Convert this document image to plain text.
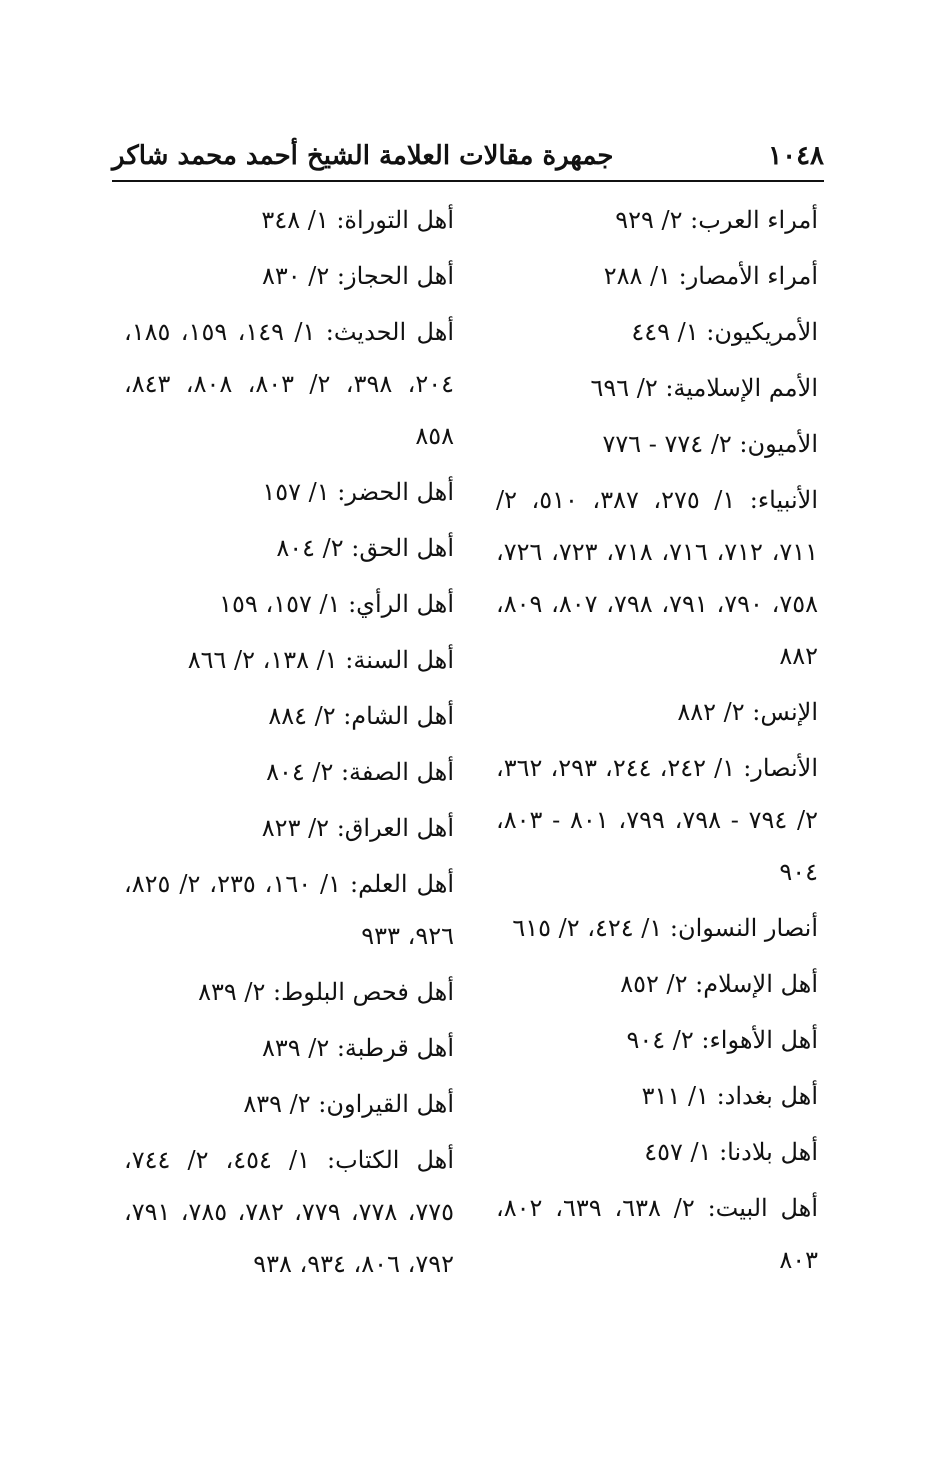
١٠٤٨
جمهرة مقالات العلامة الشيخ أحمد محمد شاكر

أمراء العرب: ٢/ ٩٢٩

أمراء الأمصار: ١/ ٢٨٨

الأمريكيون: ١/ ٤٤٩

الأمم الإسلامية: ٢/ ٦٩٦

الأميون: ٢/ ٧٧٤ - ٧٧٦

الأنبياء: ١/ ٢٧٥، ٣٨٧، ٥١٠، ٢/ ٧١١، ٧١٢، ٧١٦، ٧١٨، ٧٢٣، ٧٢٦، ٧٥٨، ٧٩٠، ٧٩١، ٧٩٨، ٨٠٧، ٨٠٩، ٨٨٢

الإنس: ٢/ ٨٨٢

الأنصار: ١/ ٢٤٢، ٢٤٤، ٢٩٣، ٣٦٢، ٢/ ٧٩٤ - ٧٩٨، ٧٩٩، ٨٠١ - ٨٠٣، ٩٠٤

أنصار النسوان: ١/ ٤٢٤، ٢/ ٦١٥

أهل الإسلام: ٢/ ٨٥٢

أهل الأهواء: ٢/ ٩٠٤

أهل بغداد: ١/ ٣١١

أهل بلادنا: ١/ ٤٥٧

أهل البيت: ٢/ ٦٣٨، ٦٣٩، ٨٠٢، ٨٠٣

أهل التوراة: ١/ ٣٤٨

أهل الحجاز: ٢/ ٨٣٠

أهل الحديث: ١/ ١٤٩، ١٥٩، ١٨٥، ٢٠٤، ٣٩٨، ٢/ ٨٠٣، ٨٠٨، ٨٤٣، ٨٥٨

أهل الحضر: ١/ ١٥٧

أهل الحق: ٢/ ٨٠٤

أهل الرأي: ١/ ١٥٧، ١٥٩

أهل السنة: ١/ ١٣٨، ٢/ ٨٦٦

أهل الشام: ٢/ ٨٨٤

أهل الصفة: ٢/ ٨٠٤

أهل العراق: ٢/ ٨٢٣

أهل العلم: ١/ ١٦٠، ٢٣٥، ٢/ ٨٢٥، ٩٢٦، ٩٣٣

أهل فحص البلوط: ٢/ ٨٣٩

أهل قرطبة: ٢/ ٨٣٩

أهل القيراون: ٢/ ٨٣٩

أهل الكتاب: ١/ ٤٥٤، ٢/ ٧٤٤، ٧٧٥، ٧٧٨، ٧٧٩، ٧٨٢، ٧٨٥، ٧٩١، ٧٩٢، ٨٠٦، ٩٣٤، ٩٣٨
